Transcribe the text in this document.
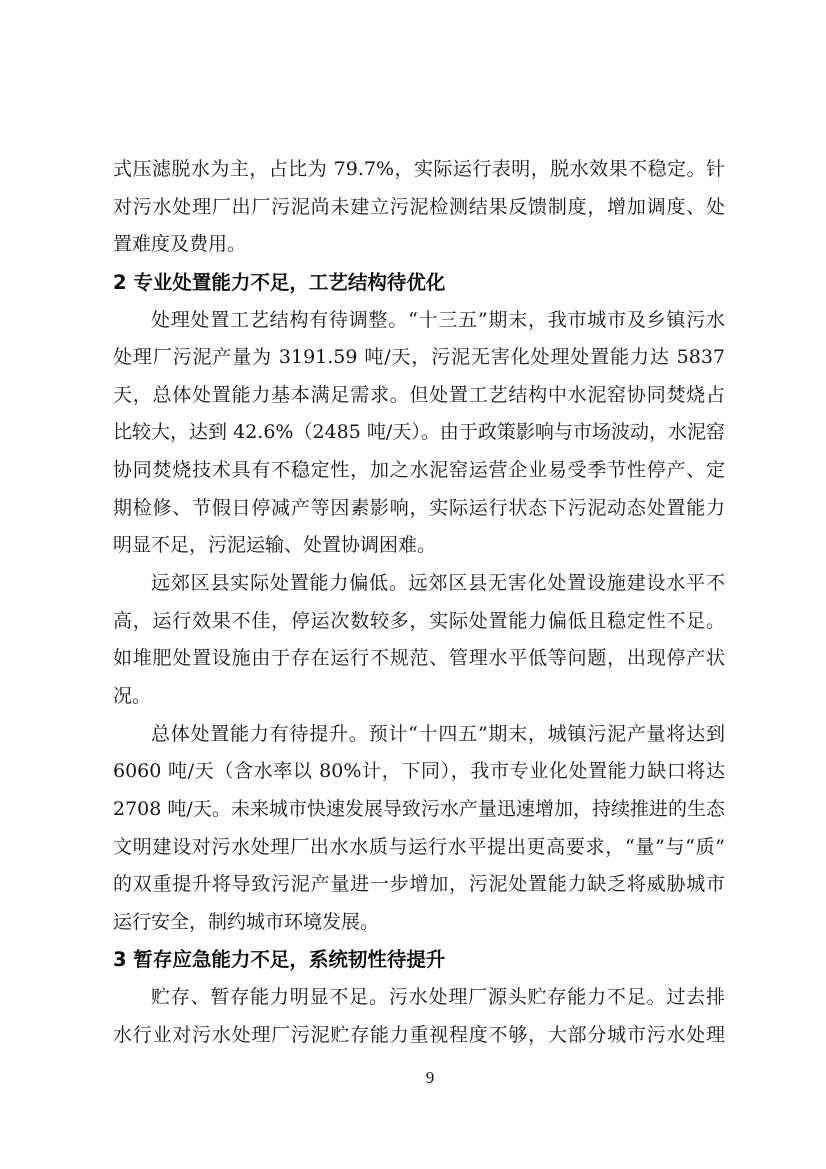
式压滤脱水为主，占比为 79.7%，实际运行表明，脱水效果不稳定。针
对污水处理厂出厂污泥尚未建立污泥检测结果反馈制度，增加调度、处
置难度及费用。
2 专业处置能力不足，工艺结构待优化
处理处置工艺结构有待调整。“十三五”期末，我市城市及乡镇污水
处理厂污泥产量为 3191.59 吨/天，污泥无害化处理处置能力达 5837
天，总体处置能力基本满足需求。但处置工艺结构中水泥窑协同焚烧占
比较大，达到 42.6%（2485 吨/天）。由于政策影响与市场波动，水泥窑
协同焚烧技术具有不稳定性，加之水泥窑运营企业易受季节性停产、定
期检修、节假日停减产等因素影响，实际运行状态下污泥动态处置能力
明显不足，污泥运输、处置协调困难。
远郊区县实际处置能力偏低。远郊区县无害化处置设施建设水平不
高，运行效果不佳，停运次数较多，实际处置能力偏低且稳定性不足。
如堆肥处置设施由于存在运行不规范、管理水平低等问题，出现停产状
况。
总体处置能力有待提升。预计“十四五”期末，城镇污泥产量将达到
6060 吨/天（含水率以 80%计，下同），我市专业化处置能力缺口将达
2708 吨/天。未来城市快速发展导致污水产量迅速增加，持续推进的生态
文明建设对污水处理厂出水水质与运行水平提出更高要求，“量”与“质”
的双重提升将导致污泥产量进一步增加，污泥处置能力缺乏将威胁城市
运行安全，制约城市环境发展。
3 暂存应急能力不足，系统韧性待提升
贮存、暂存能力明显不足。污水处理厂源头贮存能力不足。过去排
水行业对污水处理厂污泥贮存能力重视程度不够，大部分城市污水处理
9
